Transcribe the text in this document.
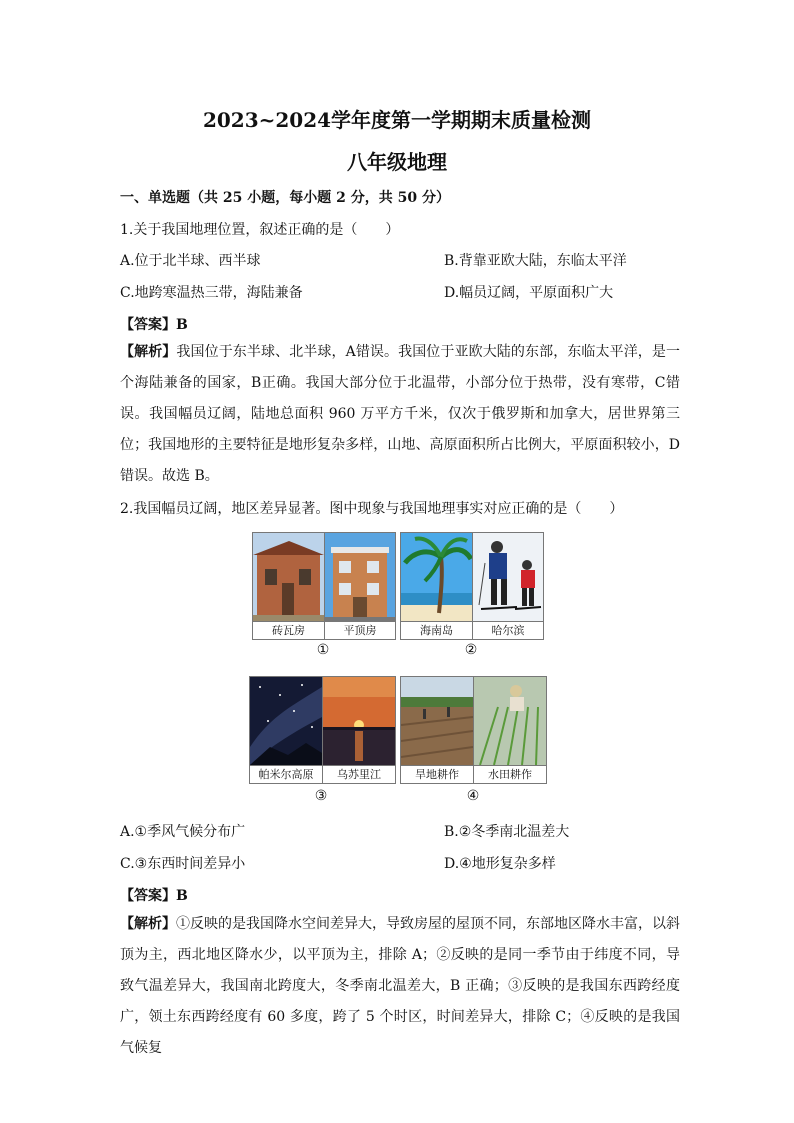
2023~2024学年度第一学期期末质量检测
八年级地理
一、单选题（共 25 小题，每小题 2 分，共 50 分）
1.关于我国地理位置，叙述正确的是（　　）
A.位于北半球、西半球	B.背靠亚欧大陆，东临太平洋
C.地跨寒温热三带，海陆兼备	D.幅员辽阔，平原面积广大
【答案】B
【解析】我国位于东半球、北半球，A错误。我国位于亚欧大陆的东部，东临太平洋，是一个海陆兼备的国家，B正确。我国大部分位于北温带，小部分位于热带，没有寒带，C错误。我国幅员辽阔，陆地总面积 960 万平方千米，仅次于俄罗斯和加拿大，居世界第三位；我国地形的主要特征是地形复杂多样，山地、高原面积所占比例大，平原面积较小，D错误。故选 B。
2.我国幅员辽阔，地区差异显著。图中现象与我国地理事实对应正确的是（　　）
砖瓦房	平顶房
①
海南岛	哈尔滨
②
帕米尔高原	乌苏里江
③
旱地耕作	水田耕作
④
A.①季风气候分布广	B.②冬季南北温差大
C.③东西时间差异小	D.④地形复杂多样
【答案】B
【解析】①反映的是我国降水空间差异大，导致房屋的屋顶不同，东部地区降水丰富，以斜顶为主，西北地区降水少，以平顶为主，排除 A；②反映的是同一季节由于纬度不同，导致气温差异大，我国南北跨度大，冬季南北温差大，B 正确；③反映的是我国东西跨经度广，领土东西跨经度有 60 多度，跨了 5 个时区，时间差异大，排除 C；④反映的是我国气候复
